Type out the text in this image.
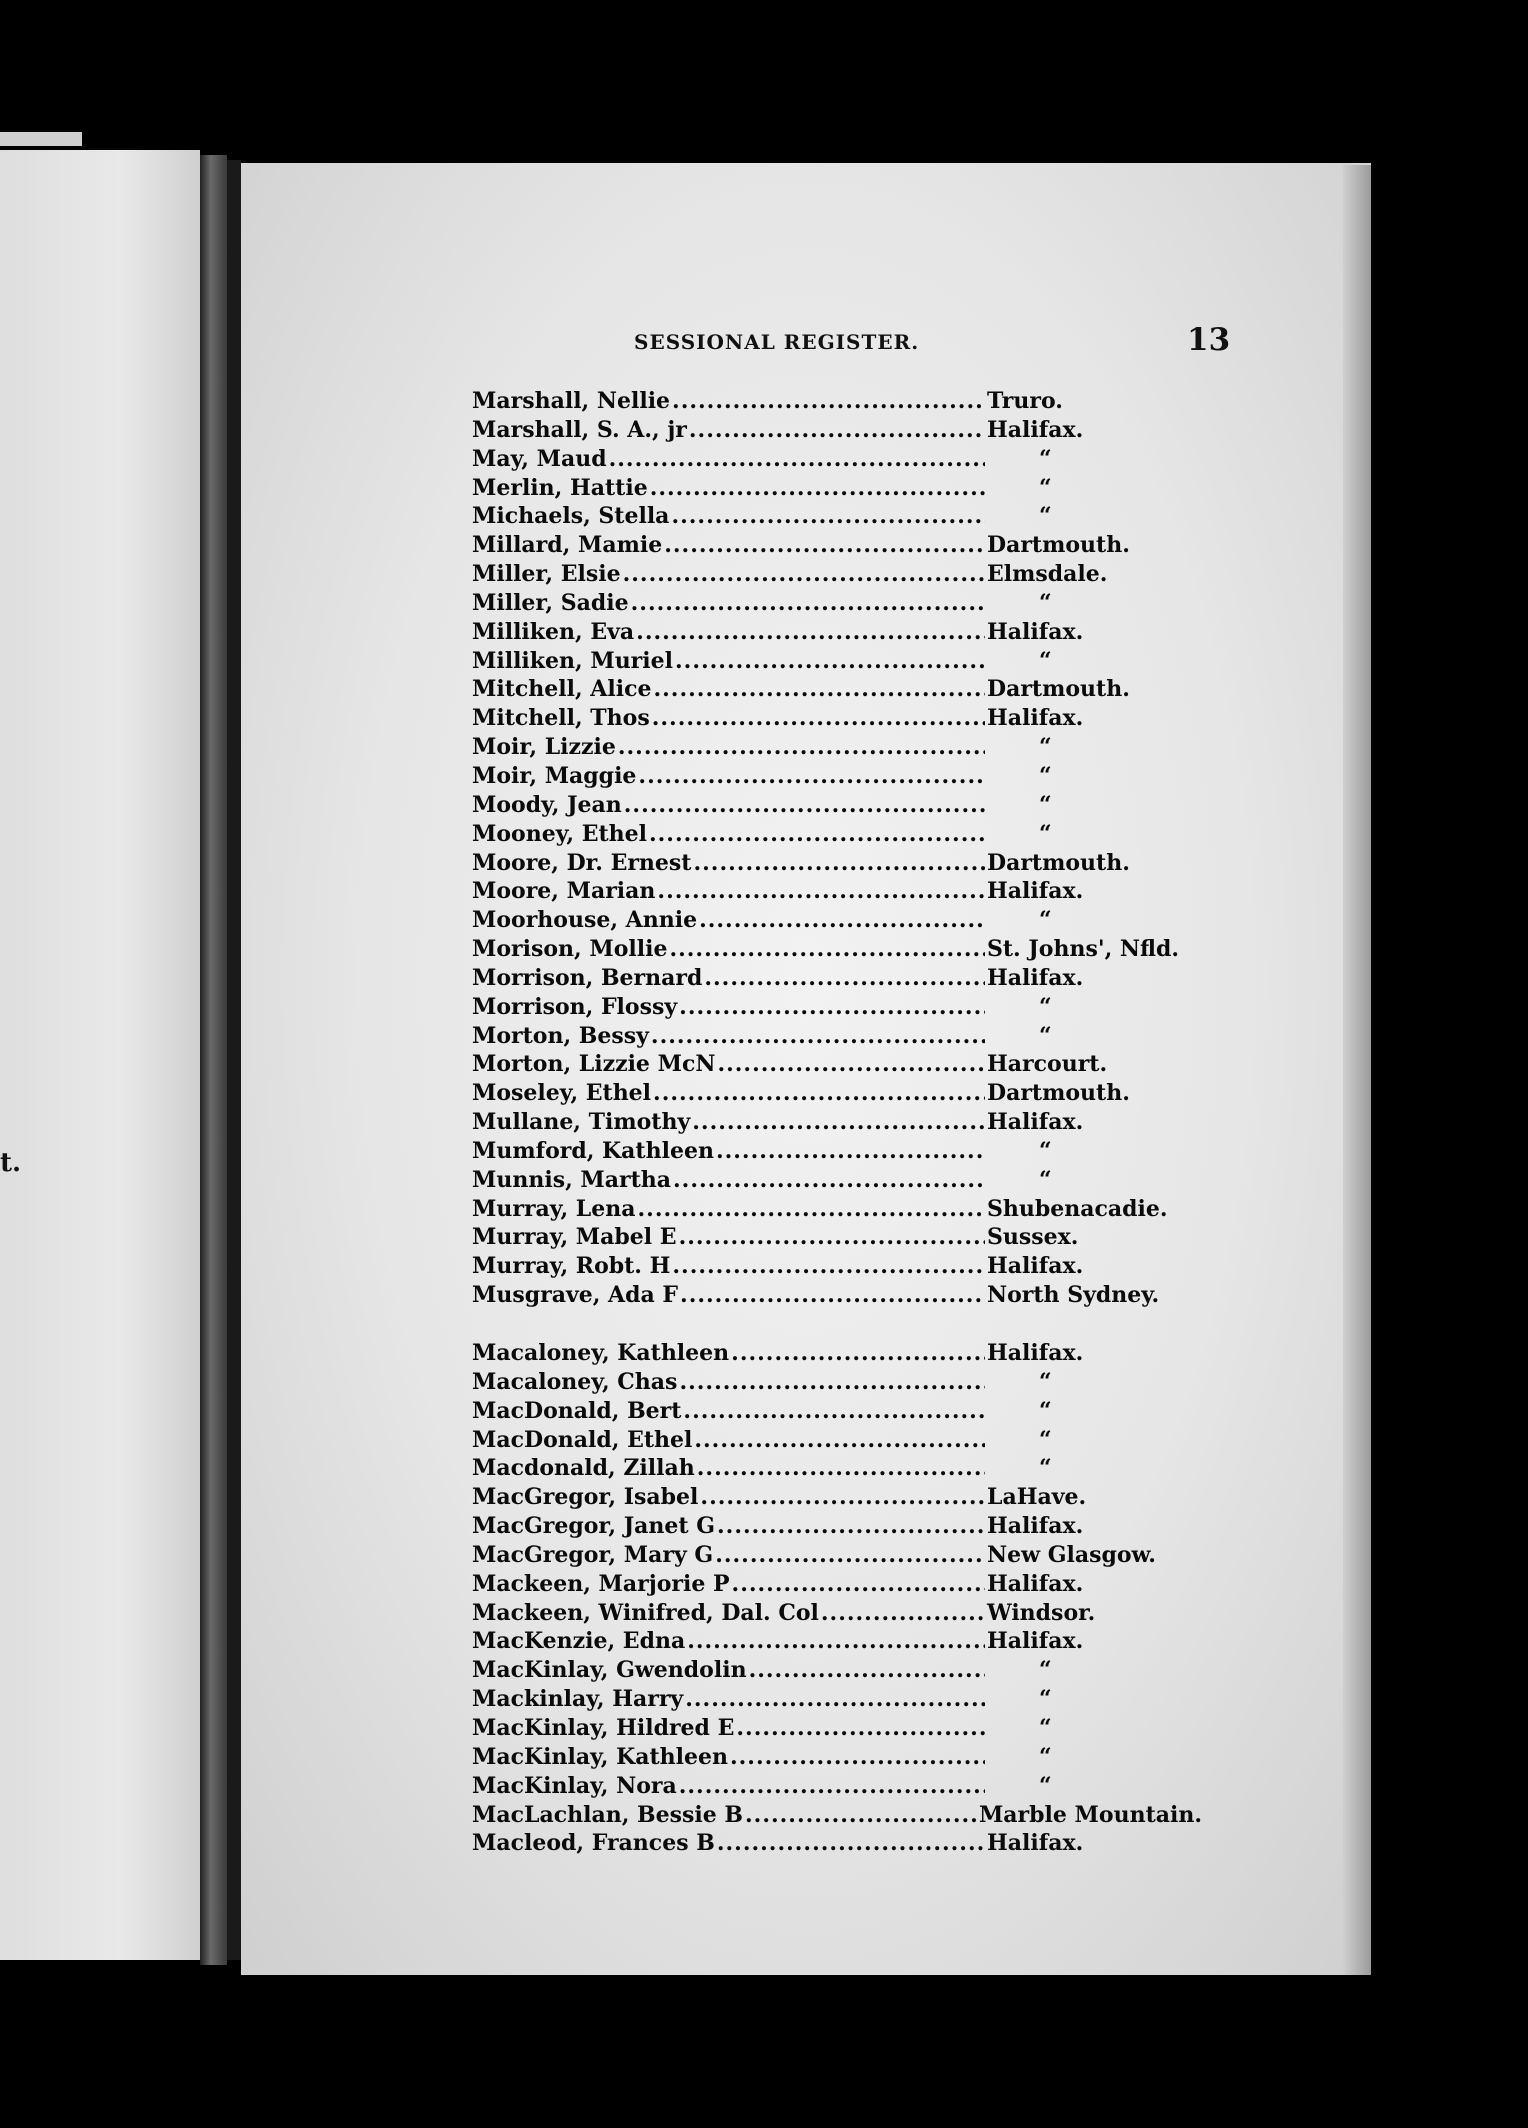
t.
SESSIONAL REGISTER.	13
Marshall, Nellie .....	Truro.
Marshall, S. A., jr .....	Halifax.
May, Maud .....	“
Merlin, Hattie .....	“
Michaels, Stella .....	“
Millard, Mamie .....	Dartmouth.
Miller, Elsie .....	Elmsdale.
Miller, Sadie .....	“
Milliken, Eva .....	Halifax.
Milliken, Muriel .....	“
Mitchell, Alice .....	Dartmouth.
Mitchell, Thos .....	Halifax.
Moir, Lizzie .....	“
Moir, Maggie .....	“
Moody, Jean .....	“
Mooney, Ethel .....	“
Moore, Dr. Ernest .....	Dartmouth.
Moore, Marian .....	Halifax.
Moorhouse, Annie .....	“
Morison, Mollie .....	St. Johns', Nfld.
Morrison, Bernard .....	Halifax.
Morrison, Flossy .....	“
Morton, Bessy .....	“
Morton, Lizzie McN .....	Harcourt.
Moseley, Ethel .....	Dartmouth.
Mullane, Timothy .....	Halifax.
Mumford, Kathleen .....	“
Munnis, Martha .....	“
Murray, Lena .....	Shubenacadie.
Murray, Mabel E .....	Sussex.
Murray, Robt. H .....	Halifax.
Musgrave, Ada F .....	North Sydney.
Macaloney, Kathleen .....	Halifax.
Macaloney, Chas .....	“
MacDonald, Bert .....	“
MacDonald, Ethel .....	“
Macdonald, Zillah .....	“
MacGregor, Isabel .....	LaHave.
MacGregor, Janet G .....	Halifax.
MacGregor, Mary G .....	New Glasgow.
Mackeen, Marjorie P .....	Halifax.
Mackeen, Winifred, Dal. Col .....	Windsor.
MacKenzie, Edna .....	Halifax.
MacKinlay, Gwendolin .....	“
Mackinlay, Harry .....	“
MacKinlay, Hildred E .....	“
MacKinlay, Kathleen .....	“
MacKinlay, Nora .....	“
MacLachlan, Bessie B .....	Marble Mountain.
Macleod, Frances B .....	Halifax.
